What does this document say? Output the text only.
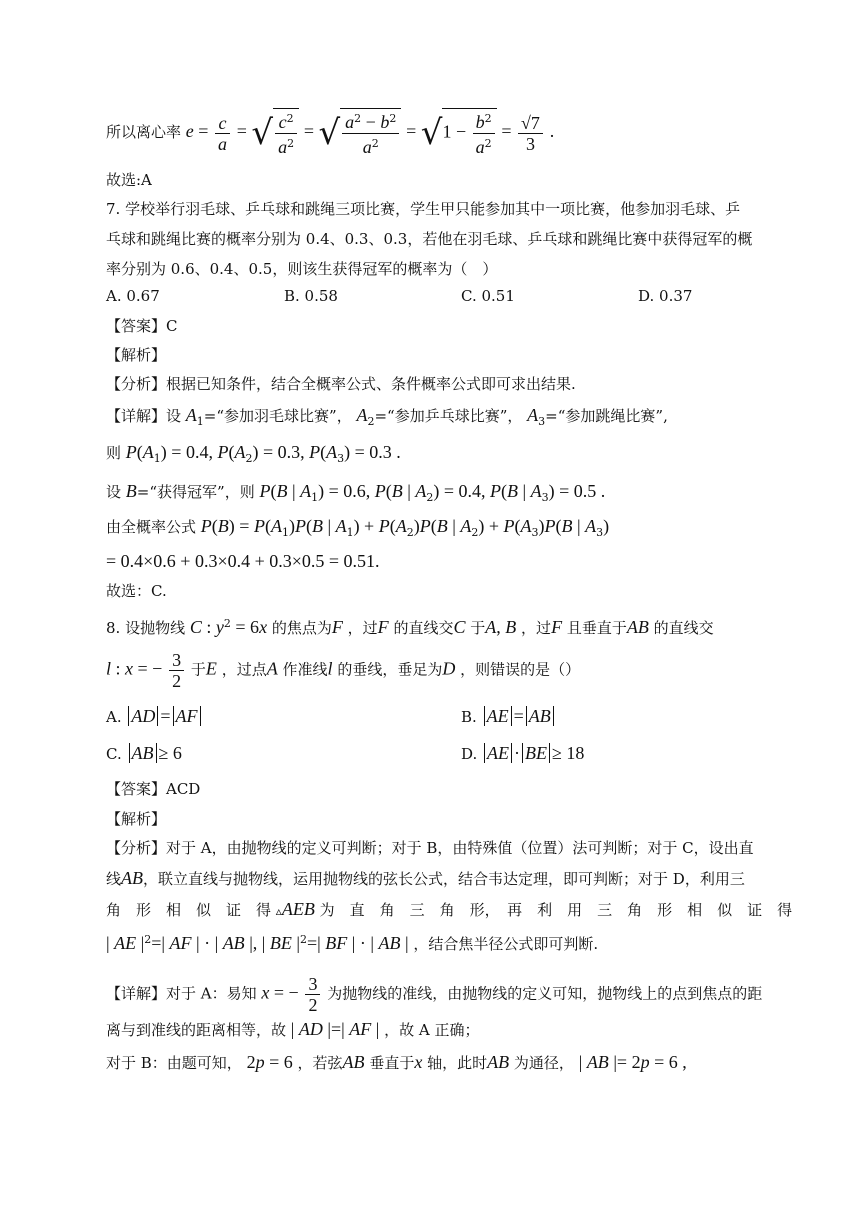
所以离心率 $e = \frac{c}{a}$ = √ $\frac{c^2}{a^2}$ = √ $\frac{a^2 - b^2}{a^2} = √1 - \frac{b^2}{a^2} = \frac{√7}{3}$ .
故选:A
7. 学校举行羽毛球、乒乓球和跳绳三项比赛，学生甲只能参加其中一项比赛，他参加羽毛球、乒
乓球和跳绳比赛的概率分别为 0.4、0.3、0.3，若他在羽毛球、乒乓球和跳绳比赛中获得冠军的概
率分别为 0.6、0.4、0.5，则该生获得冠军的概率为（　）
A. 0.67	B. 0.58	C. 0.51	D. 0.37
【答案】C
【解析】
【分析】根据已知条件，结合全概率公式、条件概率公式即可求出结果.
【详解】设 $A_1=“$参加羽毛球比赛”， $A_2=“$参加乒乓球比赛”， $A_3=“$参加跳绳比赛”,
则 $P(A_1) = 0.4$, $P(A_2) = 0.3$, $P(A_3) = 0.3$ .
设 B=“获得冠军”，则 P(B | $A_1) = 0.6$, P(B | $A_2) = 0.4$, P(B | $A_3) = 0.5$ .
由全概率公式 $P(B) = P(A_1)P(B$ | $A_1) + P(A_2)P(B$ | $A_2) + P(A_3)P(B$ | $A_3$)
= 0.4×0.6 + 0.3×0.4 + 0.3×0.5 = 0.51.
故选：C.
8. 设抛物线 C : $y^2 = 6x$ 的焦点为F ，过F 的直线交C 于A, B ，过F 且垂直于AB 的直线交
l : x = − $\frac{3}{2}$ 于E ，过点A 作准线l 的垂线，垂足为D ，则错误的是（）
A. AD = AF	B. AE = AB
C. AB ≥ 6	D. AE · BE ≥ 18
【答案】ACD
【解析】
【分析】对于 A，由抛物线的定义可判断；对于 B，由特殊值（位置）法可判断；对于 C，设出直
线AB，联立直线与抛物线，运用抛物线的弦长公式，结合韦达定理，即可判断；对于 D，利用三
角　形　相　似　证　得 ▵AEB 为　直　角　三　角　形，　再　利　用　三　角　形　相　似　证　得
| AE $|^2=|$ AF | · | AB |, | BE $|^2=|$ BF | · | AB | ，结合焦半径公式即可判断.
【详解】对于 A：易知 x = − $\frac{3}{2}$ 为抛物线的准线，由抛物线的定义可知，抛物线上的点到焦点的距
离与到准线的距离相等，故 | AD |=| AF | ，故 A 正确；
对于 B：由题可知， 2p = 6 ，若弦AB 垂直于x 轴，此时AB 为通径， | AB |= 2p = 6 ,
